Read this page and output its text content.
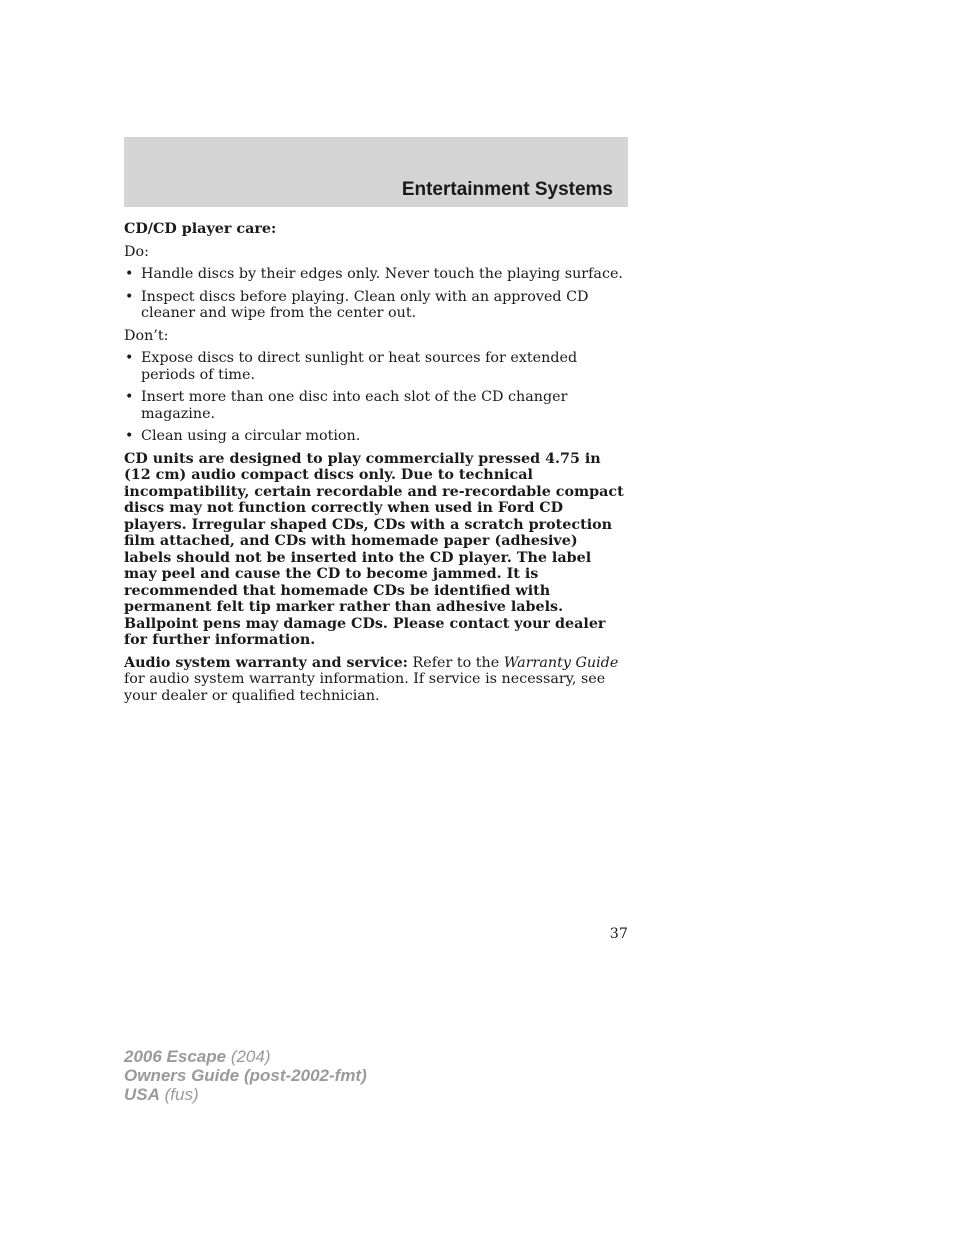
Entertainment Systems

CD/CD player care:

Do:

• Handle discs by their edges only. Never touch the playing surface.
• Inspect discs before playing. Clean only with an approved CD cleaner and wipe from the center out.

Don’t:

• Expose discs to direct sunlight or heat sources for extended periods of time.
• Insert more than one disc into each slot of the CD changer magazine.
• Clean using a circular motion.

CD units are designed to play commercially pressed 4.75 in (12 cm) audio compact discs only. Due to technical incompatibility, certain recordable and re-recordable compact discs may not function correctly when used in Ford CD players. Irregular shaped CDs, CDs with a scratch protection film attached, and CDs with homemade paper (adhesive) labels should not be inserted into the CD player. The label may peel and cause the CD to become jammed. It is recommended that homemade CDs be identified with permanent felt tip marker rather than adhesive labels. Ballpoint pens may damage CDs. Please contact your dealer for further information.

Audio system warranty and service: Refer to the Warranty Guide for audio system warranty information. If service is necessary, see your dealer or qualified technician.

37
2006 Escape (204)
Owners Guide (post-2002-fmt)
USA (fus)
